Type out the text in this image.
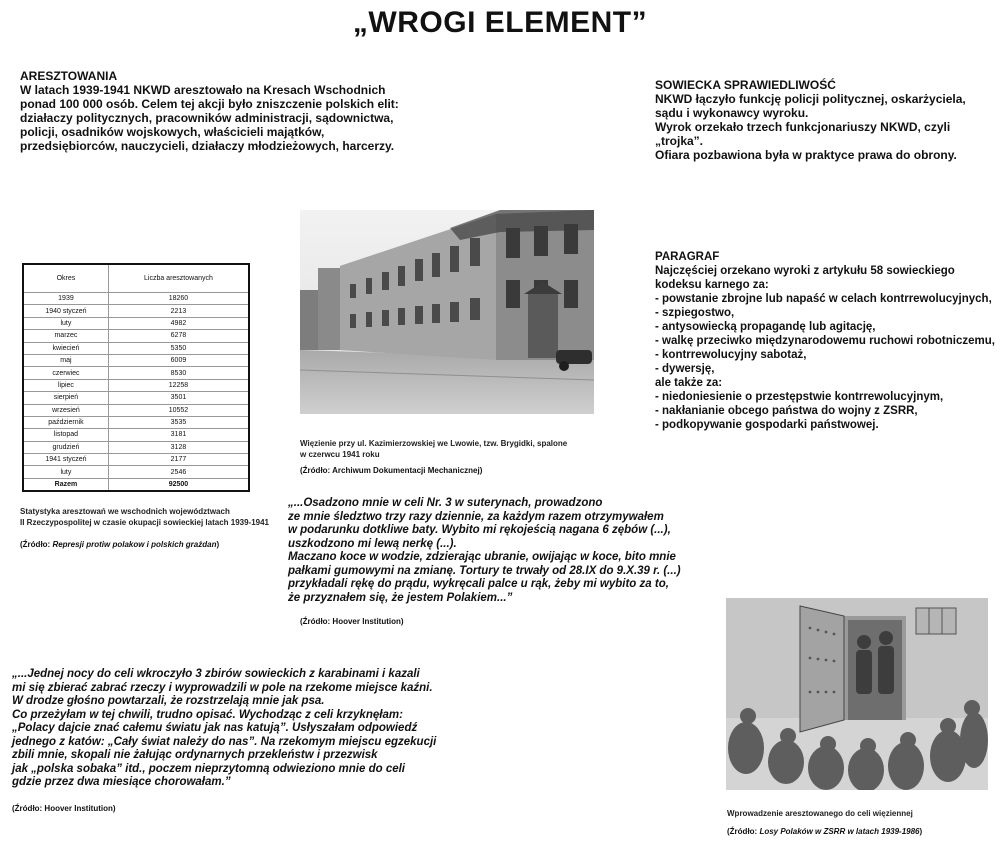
„WROGI ELEMENT”
ARESZTOWANIA
W latach 1939-1941 NKWD aresztowało na Kresach Wschodnich
ponad 100 000 osób. Celem tej akcji było zniszczenie polskich elit:
działaczy politycznych, pracowników administracji, sądownictwa,
policji, osadników wojskowych, właścicieli majątków,
przedsiębiorców, nauczycieli, działaczy młodzieżowych, harcerzy.
SOWIECKA SPRAWIEDLIWOŚĆ
NKWD łączyło funkcję policji politycznej, oskarżyciela,
sądu i wykonawcy wyroku.
Wyrok orzekało trzech funkcjonariuszy NKWD, czyli „trojka”.
Ofiara pozbawiona była w praktyce prawa do obrony.
PARAGRAF
Najczęściej orzekano wyroki z artykułu 58 sowieckiego
kodeksu karnego za:
- powstanie zbrojne lub napaść w celach kontrrewolucyjnych,
- szpiegostwo,
- antysowiecką propagandę lub agitację,
- walkę przeciwko międzynarodowemu ruchowi robotniczemu,
- kontrrewolucyjny sabotaż,
- dywersję,
ale także za:
- niedoniesienie o przestępstwie kontrrewolucyjnym,
- nakłanianie obcego państwa do wojny z ZSRR,
- podkopywanie gospodarki państwowej.
Okres	Liczba aresztowanych
1939	18260
1940 styczeń	2213
luty	4982
marzec	6278
kwiecień	5350
maj	6009
czerwiec	8530
lipiec	12258
sierpień	3501
wrzesień	10552
październik	3535
listopad	3181
grudzień	3128
1941 styczeń	2177
luty	2546
Razem	92500
Statystyka aresztowań we wschodnich województwach
II Rzeczypospolitej w czasie okupacji sowieckiej latach 1939-1941
(Źródło: Represji protiw polakow i polskich grażdan)
Więzienie przy ul. Kazimierzowskiej we Lwowie, tzw. Brygidki, spalone
w czerwcu 1941 roku
(Źródło: Archiwum Dokumentacji Mechanicznej)
„...Osadzono mnie w celi Nr. 3 w suterynach, prowadzono
ze mnie śledztwo trzy razy dziennie, za każdym razem otrzymywałem
w podarunku dotkliwe baty. Wybito mi rękojeścią nagana 6 zębów (...),
uszkodzono mi lewą nerkę (...).
Maczano koce w wodzie, zdzierając ubranie, owijając w koce, bito mnie
pałkami gumowymi na zmianę. Tortury te trwały od 28.IX do 9.X.39 r. (...)
przykładali rękę do prądu, wykręcali palce u rąk, żeby mi wybito za to,
że przyznałem się, że jestem Polakiem...”
(Źródło: Hoover Institution)
„...Jednej nocy do celi wkroczyło 3 zbirów sowieckich z karabinami i kazali
mi się zbierać zabrać rzeczy i wyprowadzili w pole na rzekome miejsce kaźni.
W drodze głośno powtarzali, że rozstrzelają mnie jak psa.
Co przeżyłam w tej chwili, trudno opisać. Wychodząc z celi krzyknęłam:
„Polacy dajcie znać całemu światu jak nas katują”. Usłyszałam odpowiedź
jednego z katów: „Cały świat należy do nas”. Na rzekomym miejscu egzekucji
zbili mnie, skopali nie żałując ordynarnych przekleństw i przezwisk
jak „polska sobaka” itd., poczem nieprzytomną odwieziono mnie do celi
gdzie przez dwa miesiące chorowałam.”
(Źródło: Hoover Institution)
Wprowadzenie aresztowanego do celi więziennej
(Źródło: Losy Polaków w ZSRR w latach 1939-1986)
